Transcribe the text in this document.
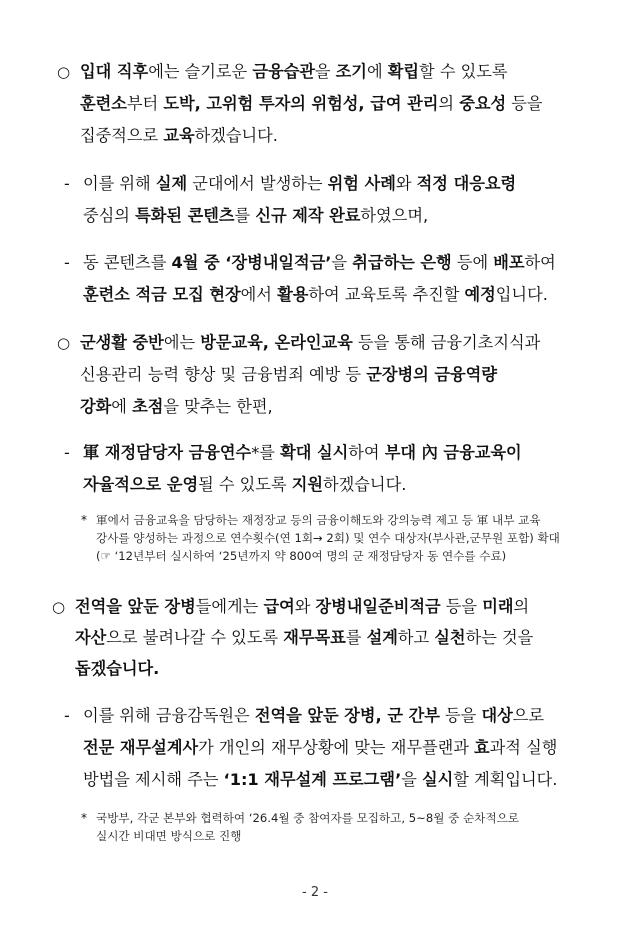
○ 입대 직후에는 슬기로운 금융습관을 조기에 확립할 수 있도록
훈련소부터 도박, 고위험 투자의 위험성, 급여 관리의 중요성 등을
집중적으로 교육하겠습니다.
- 이를 위해 실제 군대에서 발생하는 위험 사례와 적정 대응요령
중심의 특화된 콘텐츠를 신규 제작 완료하였으며,
- 동 콘텐츠를 4월 중 ‘장병내일적금’을 취급하는 은행 등에 배포하여
훈련소 적금 모집 현장에서 활용하여 교육토록 추진할 예정입니다.
○ 군생활 중반에는 방문교육, 온라인교육 등을 통해 금융기초지식과
신용관리 능력 향상 및 금융범죄 예방 등 군장병의 금융역량
강화에 초점을 맞추는 한편,
- 軍 재정담당자 금융연수*를 확대 실시하여 부대 內 금융교육이
자율적으로 운영될 수 있도록 지원하겠습니다.
* 軍에서 금융교육을 담당하는 재정장교 등의 금융이해도와 강의능력 제고 등 軍 내부 교육
강사를 양성하는 과정으로 연수횟수(연 1회→ 2회) 및 연수 대상자(부사관,군무원 포함) 확대
(☞ ‘12년부터 실시하여 ‘25년까지 약 800여 명의 군 재정담당자 동 연수를 수료)
○ 전역을 앞둔 장병들에게는 급여와 장병내일준비적금 등을 미래의
자산으로 불려나갈 수 있도록 재무목표를 설계하고 실천하는 것을
돕겠습니다.
- 이를 위해 금융감독원은 전역을 앞둔 장병, 군 간부 등을 대상으로
전문 재무설계사가 개인의 재무상황에 맞는 재무플랜과 효과적 실행
방법을 제시해 주는 ‘1:1 재무설계 프로그램’을 실시할 계획입니다.
* 국방부, 각군 본부와 협력하여 ‘26.4월 중 참여자를 모집하고, 5~8월 중 순차적으로
실시간 비대면 방식으로 진행
- 2 -
